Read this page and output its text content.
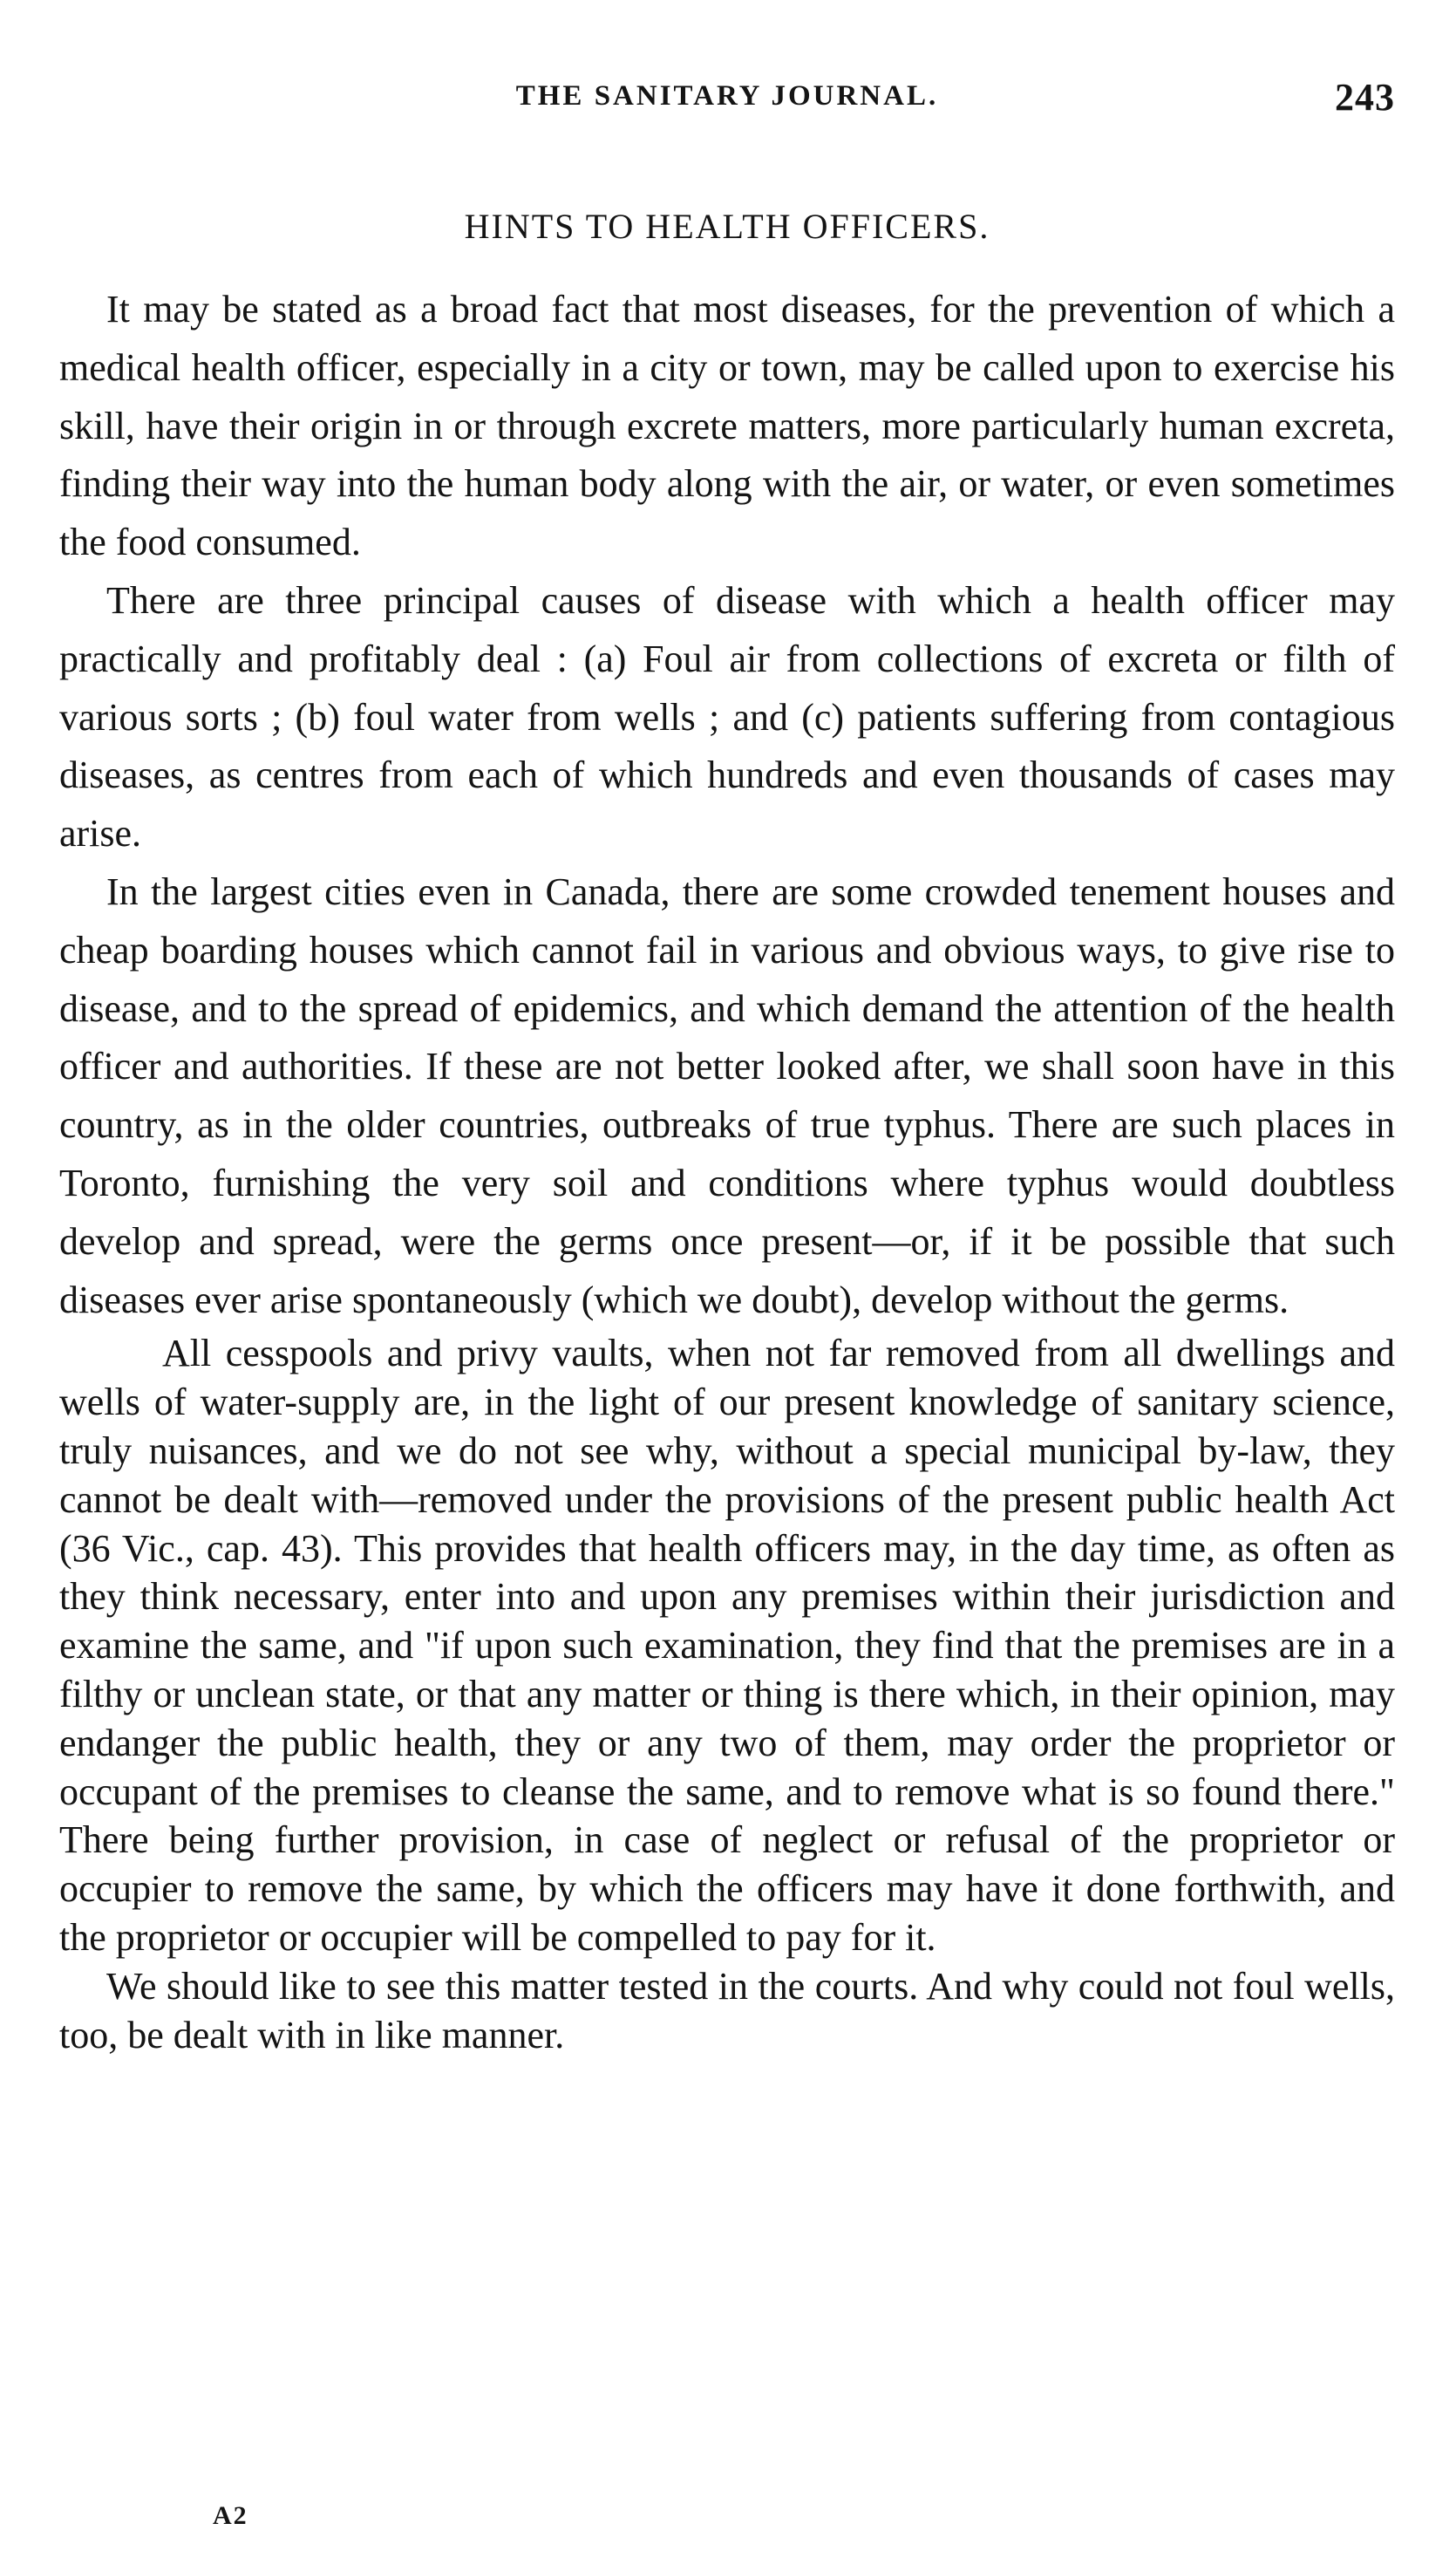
THE SANITARY JOURNAL.	243
HINTS TO HEALTH OFFICERS.

It may be stated as a broad fact that most diseases, for the prevention of which a medical health officer, especially in a city or town, may be called upon to exercise his skill, have their origin in or through excrete matters, more particularly human excreta, finding their way into the human body along with the air, or water, or even sometimes the food consumed.

There are three principal causes of disease with which a health officer may practically and profitably deal : (a) Foul air from collections of excreta or filth of various sorts ; (b) foul water from wells ; and (c) patients suffering from contagious diseases, as centres from each of which hundreds and even thousands of cases may arise.

In the largest cities even in Canada, there are some crowded tenement houses and cheap boarding houses which cannot fail in various and obvious ways, to give rise to disease, and to the spread of epidemics, and which demand the attention of the health officer and authorities. If these are not better looked after, we shall soon have in this country, as in the older countries, outbreaks of true typhus. There are such places in Toronto, furnishing the very soil and conditions where typhus would doubtless develop and spread, were the germs once present—or, if it be possible that such diseases ever arise spontaneously (which we doubt), develop without the germs.

All cesspools and privy vaults, when not far removed from all dwellings and wells of water-supply are, in the light of our present knowledge of sanitary science, truly nuisances, and we do not see why, without a special municipal by-law, they cannot be dealt with—removed under the provisions of the present public health Act (36 Vic., cap. 43). This provides that health officers may, in the day time, as often as they think necessary, enter into and upon any premises within their jurisdiction and examine the same, and "if upon such examination, they find that the premises are in a filthy or unclean state, or that any matter or thing is there which, in their opinion, may endanger the public health, they or any two of them, may order the proprietor or occupant of the premises to cleanse the same, and to remove what is so found there." There being further provision, in case of neglect or refusal of the proprietor or occupier to remove the same, by which the officers may have it done forthwith, and the proprietor or occupier will be compelled to pay for it.

We should like to see this matter tested in the courts. And why could not foul wells, too, be dealt with in like manner.

A2
